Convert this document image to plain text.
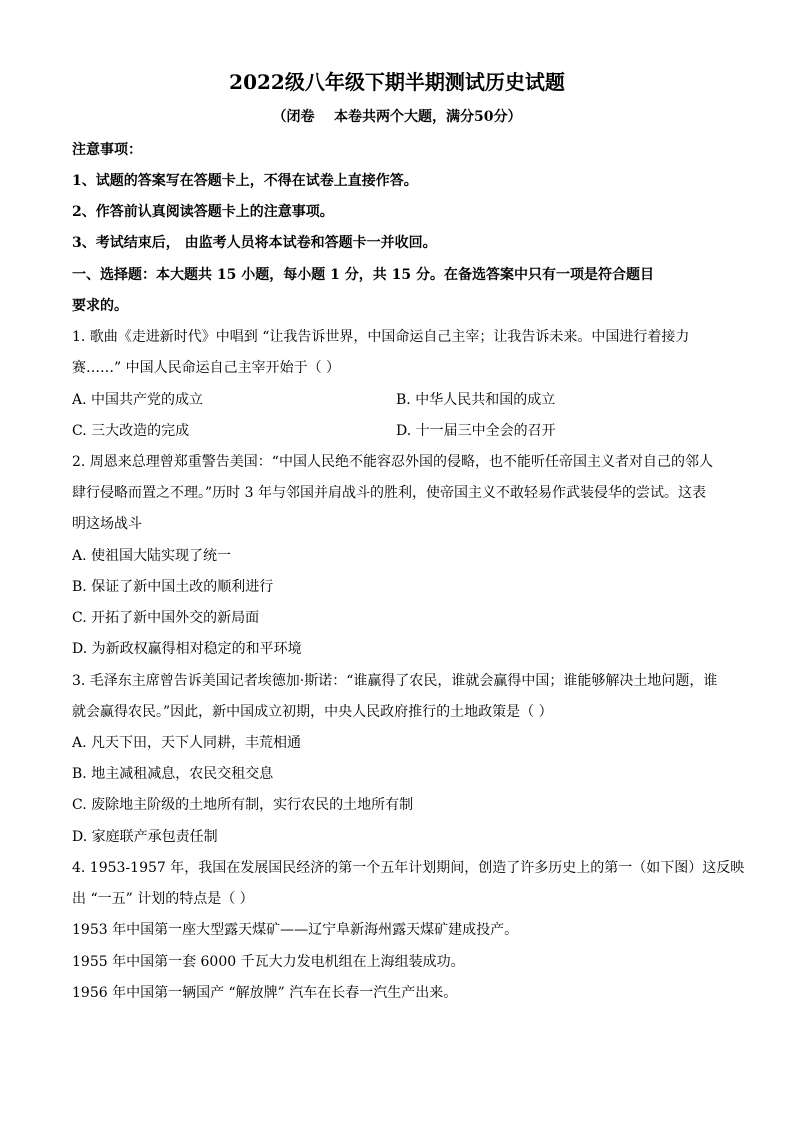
2022级八年级下期半期测试历史试题
（闭卷    本卷共两个大题，满分50分）
注意事项：
1、试题的答案写在答题卡上，不得在试卷上直接作答。
2、作答前认真阅读答题卡上的注意事项。
3、考试结束后， 由监考人员将本试卷和答题卡一并收回。
一、选择题：本大题共 15 小题，每小题 1 分，共 15 分。在备选答案中只有一项是符合题目
要求的。
1. 歌曲《走进新时代》中唱到 “让我告诉世界，中国命运自己主宰；让我告诉未来。中国进行着接力
赛……” 中国人民命运自己主宰开始于（ ）
A. 中国共产党的成立	B. 中华人民共和国的成立
C. 三大改造的完成	D. 十一届三中全会的召开
2. 周恩来总理曾郑重警告美国：“中国人民绝不能容忍外国的侵略，也不能听任帝国主义者对自己的邻人
肆行侵略而置之不理。”历时 3 年与邻国并肩战斗的胜利，使帝国主义不敢轻易作武装侵华的尝试。这表
明这场战斗
A. 使祖国大陆实现了统一
B. 保证了新中国土改的顺利进行
C. 开拓了新中国外交的新局面
D. 为新政权赢得相对稳定的和平环境
3. 毛泽东主席曾告诉美国记者埃德加·斯诺：“谁赢得了农民，谁就会赢得中国；谁能够解决土地问题，谁
就会赢得农民。”因此，新中国成立初期，中央人民政府推行的土地政策是（ ）
A. 凡天下田，天下人同耕，丰荒相通
B. 地主减租减息，农民交租交息
C. 废除地主阶级的土地所有制，实行农民的土地所有制
D. 家庭联产承包责任制
4. 1953-1957 年，我国在发展国民经济的第一个五年计划期间，创造了许多历史上的第一（如下图）这反映
出 “一五” 计划的特点是（ ）
1953 年中国第一座大型露天煤矿——辽宁阜新海州露天煤矿建成投产。
1955 年中国第一套 6000 千瓦大力发电机组在上海组装成功。
1956 年中国第一辆国产 “解放牌” 汽车在长春一汽生产出来。
